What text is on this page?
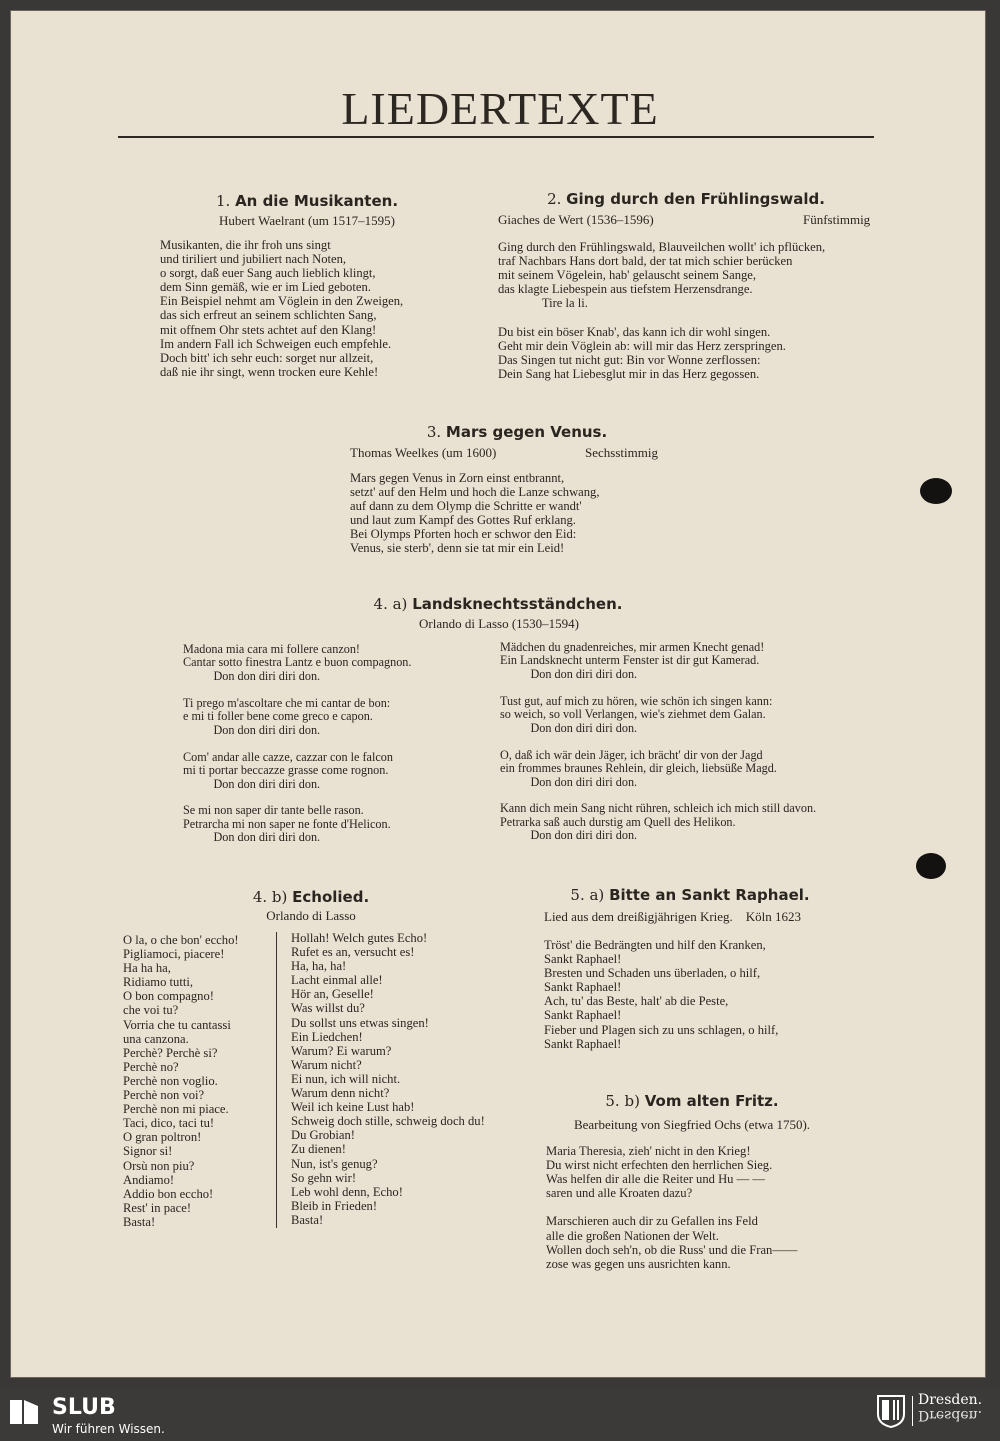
LIEDERTEXTE
1. An die Musikanten.
Hubert Waelrant (um 1517–1595)
Musikanten, die ihr froh uns singt
und tiriliert und jubiliert nach Noten,
o sorgt, daß euer Sang auch lieblich klingt,
dem Sinn gemäß, wie er im Lied geboten.
Ein Beispiel nehmt am Vöglein in den Zweigen,
das sich erfreut an seinem schlichten Sang,
mit offnem Ohr stets achtet auf den Klang!
Im andern Fall ich Schweigen euch empfehle.
Doch bitt' ich sehr euch: sorget nur allzeit,
daß nie ihr singt, wenn trocken eure Kehle!
2. Ging durch den Frühlingswald.
Giaches de Wert (1536–1596)	Fünfstimmig
Ging durch den Frühlingswald, Blauveilchen wollt' ich pflücken,
traf Nachbars Hans dort bald, der tat mich schier berücken
mit seinem Vögelein, hab' gelauscht seinem Sange,
das klagte Liebespein aus tiefstem Herzensdrange.
Tire la li.

Du bist ein böser Knab', das kann ich dir wohl singen.
Geht mir dein Vöglein ab: will mir das Herz zerspringen.
Das Singen tut nicht gut: Bin vor Wonne zerflossen:
Dein Sang hat Liebesglut mir in das Herz gegossen.
3. Mars gegen Venus.
Thomas Weelkes (um 1600)	Sechsstimmig
Mars gegen Venus in Zorn einst entbrannt,
setzt' auf den Helm und hoch die Lanze schwang,
auf dann zu dem Olymp die Schritte er wandt'
und laut zum Kampf des Gottes Ruf erklang.
Bei Olymps Pforten hoch er schwor den Eid:
Venus, sie sterb', denn sie tat mir ein Leid!
4. a) Landsknechtsständchen.
Orlando di Lasso (1530–1594)
Madona mia cara mi follere canzon!
Cantar sotto finestra Lantz e buon compagnon.
Don don diri diri don.

Ti prego m'ascoltare che mi cantar de bon:
e mi ti foller bene come greco e capon.
Don don diri diri don.

Com' andar alle cazze, cazzar con le falcon
mi ti portar beccazze grasse come rognon.
Don don diri diri don.

Se mi non saper dir tante belle rason.
Petrarcha mi non saper ne fonte d'Helicon.
Don don diri diri don.
Mädchen du gnadenreiches, mir armen Knecht genad!
Ein Landsknecht unterm Fenster ist dir gut Kamerad.
Don don diri diri don.

Tust gut, auf mich zu hören, wie schön ich singen kann:
so weich, so voll Verlangen, wie's ziehmet dem Galan.
Don don diri diri don.

O, daß ich wär dein Jäger, ich brächt' dir von der Jagd
ein frommes braunes Rehlein, dir gleich, liebsüße Magd.
Don don diri diri don.

Kann dich mein Sang nicht rühren, schleich ich mich still davon.
Petrarka saß auch durstig am Quell des Helikon.
Don don diri diri don.
4. b) Echolied.
Orlando di Lasso
O la, o che bon' eccho!
Pigliamoci, piacere!
Ha ha ha,
Ridiamo tutti,
O bon compagno!
che voi tu?
Vorria che tu cantassi
una canzona.
Perchè? Perchè si?
Perchè no?
Perchè non voglio.
Perchè non voi?
Perchè non mi piace.
Taci, dico, taci tu!
O gran poltron!
Signor si!
Orsù non piu?
Andiamo!
Addio bon eccho!
Rest' in pace!
Basta!
Hollah! Welch gutes Echo!
Rufet es an, versucht es!
Ha, ha, ha!
Lacht einmal alle!
Hör an, Geselle!
Was willst du?
Du sollst uns etwas singen!
Ein Liedchen!
Warum? Ei warum?
Warum nicht?
Ei nun, ich will nicht.
Warum denn nicht?
Weil ich keine Lust hab!
Schweig doch stille, schweig doch du!
Du Grobian!
Zu dienen!
Nun, ist's genug?
So gehn wir!
Leb wohl denn, Echo!
Bleib in Frieden!
Basta!
5. a) Bitte an Sankt Raphael.
Lied aus dem dreißigjährigen Krieg.    Köln 1623
Tröst' die Bedrängten und hilf den Kranken,
Sankt Raphael!
Bresten und Schaden uns überladen, o hilf,
Sankt Raphael!
Ach, tu' das Beste, halt' ab die Peste,
Sankt Raphael!
Fieber und Plagen sich zu uns schlagen, o hilf,
Sankt Raphael!
5. b) Vom alten Fritz.
Bearbeitung von Siegfried Ochs (etwa 1750).
Maria Theresia, zieh' nicht in den Krieg!
Du wirst nicht erfechten den herrlichen Sieg.
Was helfen dir alle die Reiter und Hu — —
saren und alle Kroaten dazu?

Marschieren auch dir zu Gefallen ins Feld
alle die großen Nationen der Welt.
Wollen doch seh'n, ob die Russ' und die Fran——
zose was gegen uns ausrichten kann.
SLUB
Wir führen Wissen.
Dresden.
Dresden.
